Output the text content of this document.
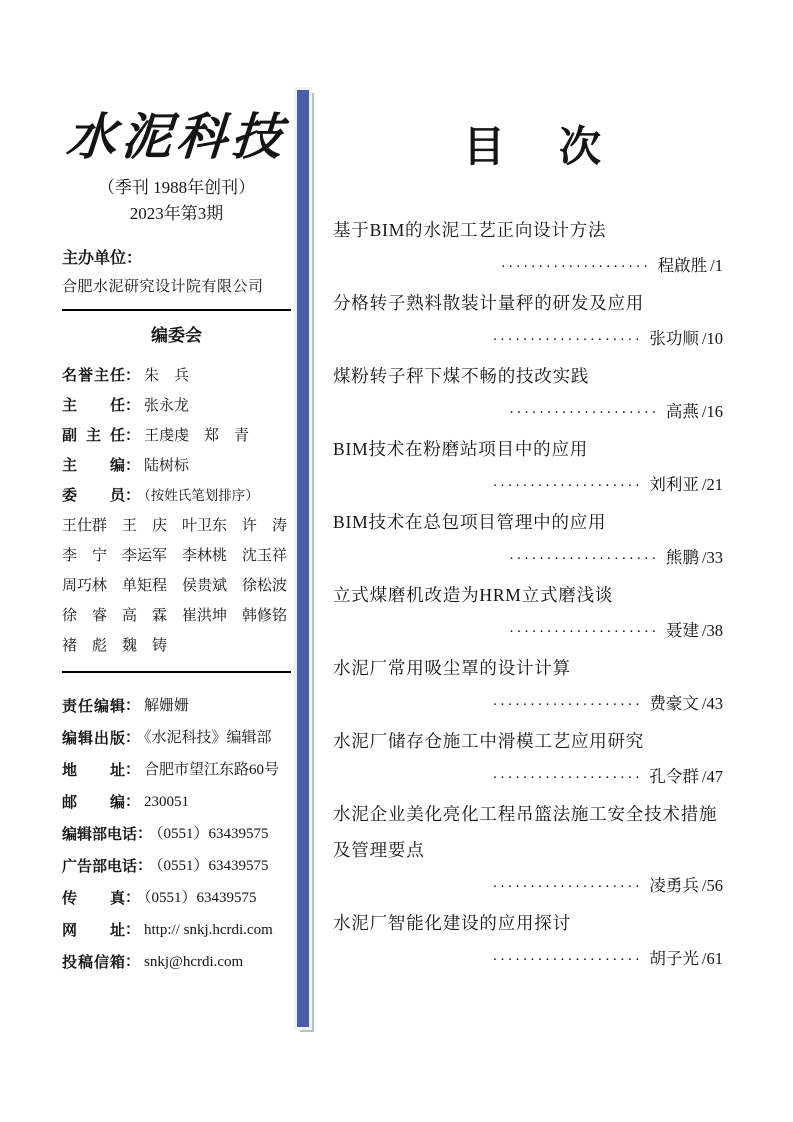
水泥科技
（季刊 1988年创刊）
2023年第3期
主办单位：
合肥水泥研究设计院有限公司
编委会
名誉主任： 朱　兵
主任： 张永龙
副 主 任： 王虔虔　郑　青
主编： 陆树标
委员： （按姓氏笔划排序）
王仕群　王　庆　叶卫东　许　涛
李　宁　李运军　李林桃　沈玉祥
周巧林　单矩程　侯贵斌　徐松波
徐　睿　高　霖　崔洪坤　韩修铭
褚　彪　魏　铸
责任编辑： 解姗姗
编辑出版： 《水泥科技》编辑部
地址： 合肥市望江东路60号
邮编： 230051
编辑部电话： （0551）63439575
广告部电话： （0551）63439575
传真： （0551）63439575
网址： http:// snkj.hcrdi.com
投稿信箱： snkj@hcrdi.com
目　次
基于BIM的水泥工艺正向设计方法
···················· 程啟胜 /1
分格转子熟料散装计量秤的研发及应用
···················· 张功顺 /10
煤粉转子秤下煤不畅的技改实践
···················· 高燕 /16
BIM技术在粉磨站项目中的应用
···················· 刘利亚 /21
BIM技术在总包项目管理中的应用
···················· 熊鹏 /33
立式煤磨机改造为HRM立式磨浅谈
···················· 聂建 /38
水泥厂常用吸尘罩的设计计算
···················· 费豪文 /43
水泥厂储存仓施工中滑模工艺应用研究
···················· 孔令群 /47
水泥企业美化亮化工程吊篮法施工安全技术措施
及管理要点
···················· 凌勇兵 /56
水泥厂智能化建设的应用探讨
···················· 胡子光 /61
